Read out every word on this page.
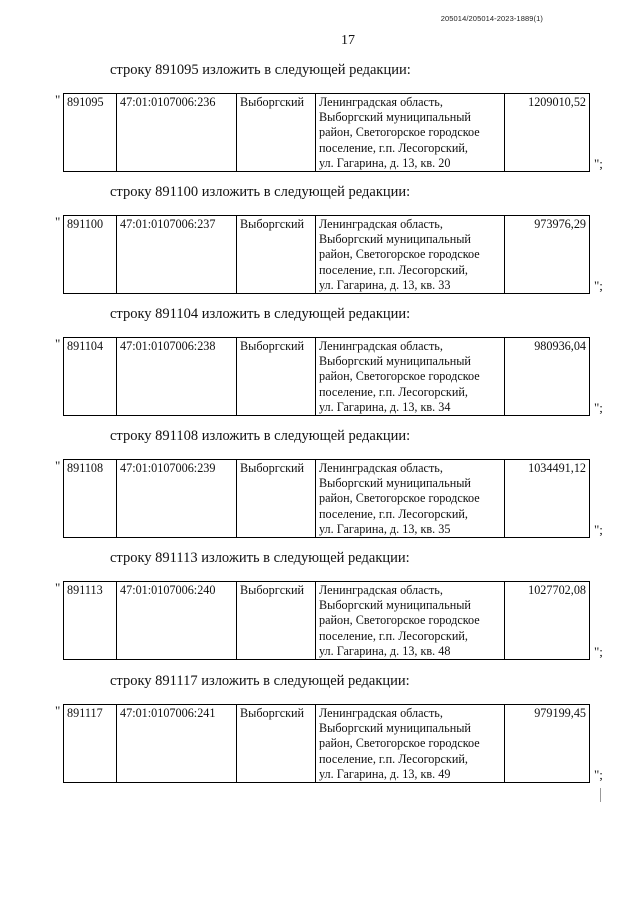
205014/205014-2023-1889(1)
17
строку 891095 изложить в следующей редакции:
" 891095	47:01:0107006:236	Выборгский	Ленинградская область,
Выборгский муниципальный
район, Светогорское городское
поселение, г.п. Лесогорский,
ул. Гагарина, д. 13, кв. 20
	1209010,52
";
строку 891100 изложить в следующей редакции:
" 891100	47:01:0107006:237	Выборгский	Ленинградская область,
Выборгский муниципальный
район, Светогорское городское
поселение, г.п. Лесогорский,
ул. Гагарина, д. 13, кв. 33
	973976,29
";
строку 891104 изложить в следующей редакции:
" 891104	47:01:0107006:238	Выборгский	Ленинградская область,
Выборгский муниципальный
район, Светогорское городское
поселение, г.п. Лесогорский,
ул. Гагарина, д. 13, кв. 34
	980936,04
";
строку 891108 изложить в следующей редакции:
" 891108	47:01:0107006:239	Выборгский	Ленинградская область,
Выборгский муниципальный
район, Светогорское городское
поселение, г.п. Лесогорский,
ул. Гагарина, д. 13, кв. 35
	1034491,12
";
строку 891113 изложить в следующей редакции:
" 891113	47:01:0107006:240	Выборгский	Ленинградская область,
Выборгский муниципальный
район, Светогорское городское
поселение, г.п. Лесогорский,
ул. Гагарина, д. 13, кв. 48
	1027702,08
";
строку 891117 изложить в следующей редакции:
" 891117	47:01:0107006:241	Выборгский	Ленинградская область,
Выборгский муниципальный
район, Светогорское городское
поселение, г.п. Лесогорский,
ул. Гагарина, д. 13, кв. 49
	979199,45
";
